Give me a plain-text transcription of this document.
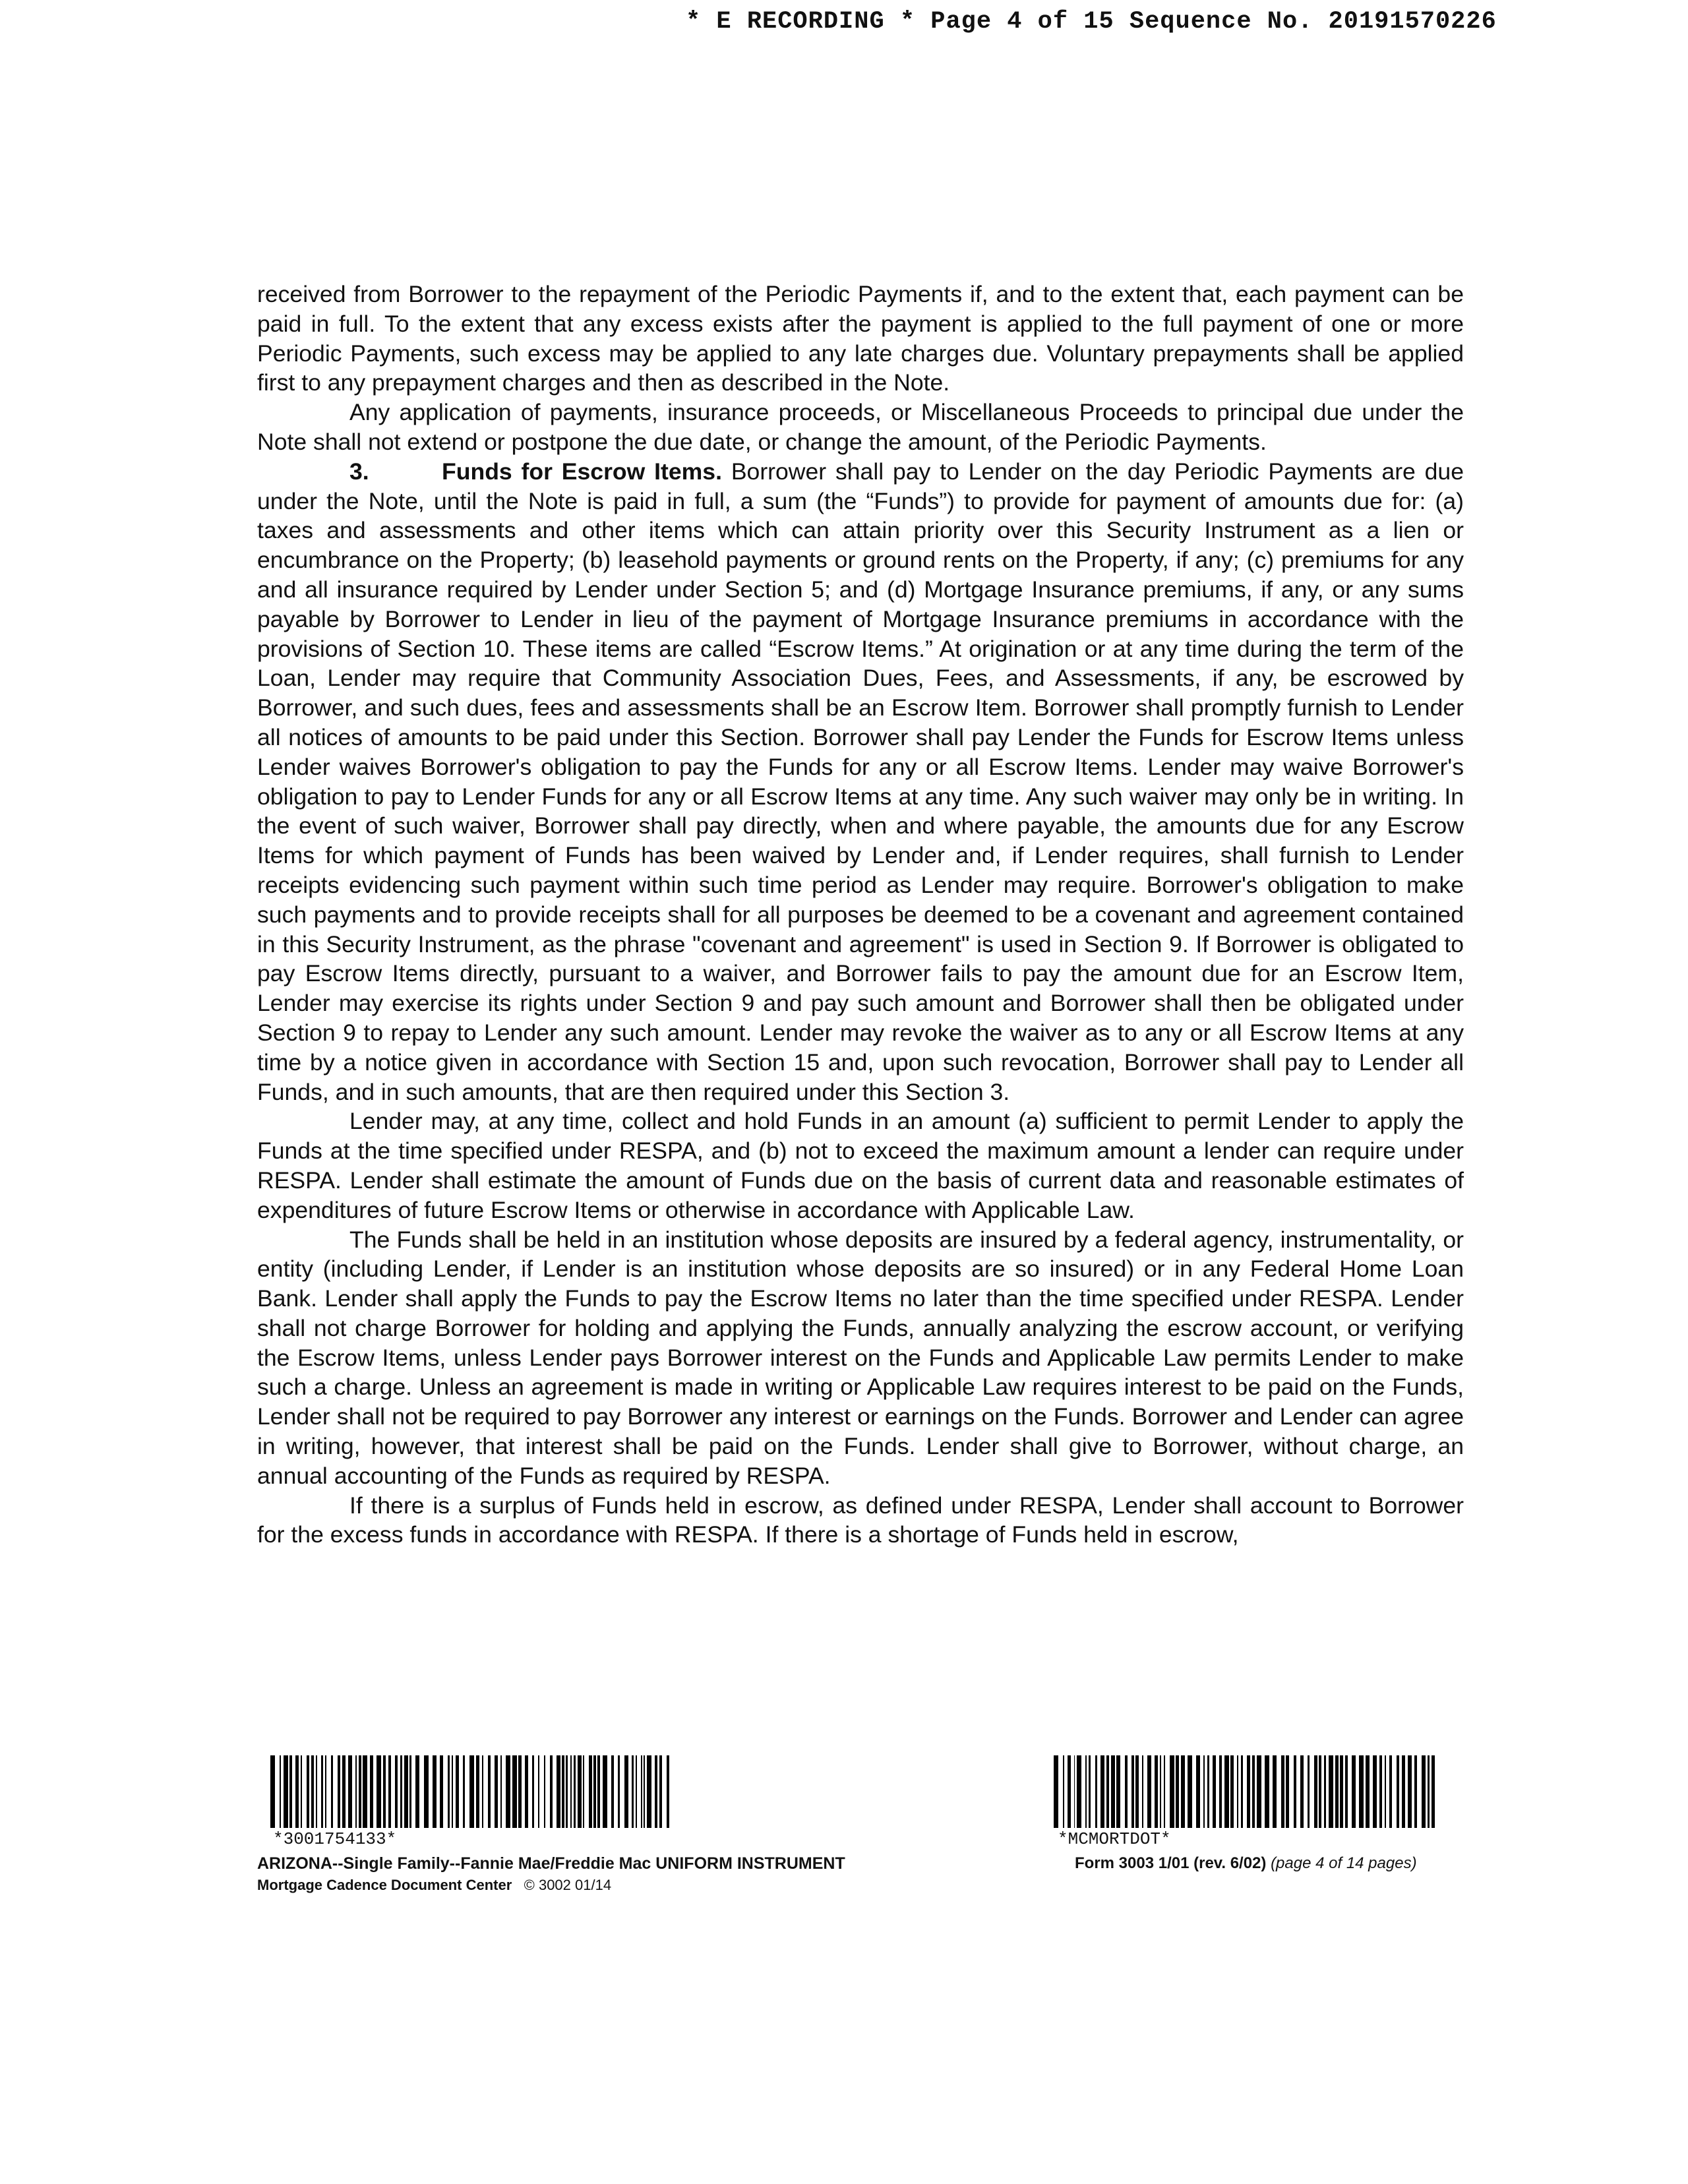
* E RECORDING * Page 4 of 15 Sequence No. 20191570226

received from Borrower to the repayment of the Periodic Payments if, and to the extent that, each payment can be paid in full. To the extent that any excess exists after the payment is applied to the full payment of one or more Periodic Payments, such excess may be applied to any late charges due. Voluntary prepayments shall be applied first to any prepayment charges and then as described in the Note.

Any application of payments, insurance proceeds, or Miscellaneous Proceeds to principal due under the Note shall not extend or postpone the due date, or change the amount, of the Periodic Payments.

3.	Funds for Escrow Items. Borrower shall pay to Lender on the day Periodic Payments are due under the Note, until the Note is paid in full, a sum (the “Funds”) to provide for payment of amounts due for: (a) taxes and assessments and other items which can attain priority over this Security Instrument as a lien or encumbrance on the Property; (b) leasehold payments or ground rents on the Property, if any; (c) premiums for any and all insurance required by Lender under Section 5; and (d) Mortgage Insurance premiums, if any, or any sums payable by Borrower to Lender in lieu of the payment of Mortgage Insurance premiums in accordance with the provisions of Section 10. These items are called “Escrow Items.” At origination or at any time during the term of the Loan, Lender may require that Community Association Dues, Fees, and Assessments, if any, be escrowed by Borrower, and such dues, fees and assessments shall be an Escrow Item. Borrower shall promptly furnish to Lender all notices of amounts to be paid under this Section. Borrower shall pay Lender the Funds for Escrow Items unless Lender waives Borrower's obligation to pay the Funds for any or all Escrow Items. Lender may waive Borrower's obligation to pay to Lender Funds for any or all Escrow Items at any time. Any such waiver may only be in writing. In the event of such waiver, Borrower shall pay directly, when and where payable, the amounts due for any Escrow Items for which payment of Funds has been waived by Lender and, if Lender requires, shall furnish to Lender receipts evidencing such payment within such time period as Lender may require. Borrower's obligation to make such payments and to provide receipts shall for all purposes be deemed to be a covenant and agreement contained in this Security Instrument, as the phrase "covenant and agreement" is used in Section 9. If Borrower is obligated to pay Escrow Items directly, pursuant to a waiver, and Borrower fails to pay the amount due for an Escrow Item, Lender may exercise its rights under Section 9 and pay such amount and Borrower shall then be obligated under Section 9 to repay to Lender any such amount. Lender may revoke the waiver as to any or all Escrow Items at any time by a notice given in accordance with Section 15 and, upon such revocation, Borrower shall pay to Lender all Funds, and in such amounts, that are then required under this Section 3.

Lender may, at any time, collect and hold Funds in an amount (a) sufficient to permit Lender to apply the Funds at the time specified under RESPA, and (b) not to exceed the maximum amount a lender can require under RESPA. Lender shall estimate the amount of Funds due on the basis of current data and reasonable estimates of expenditures of future Escrow Items or otherwise in accordance with Applicable Law.

The Funds shall be held in an institution whose deposits are insured by a federal agency, instrumentality, or entity (including Lender, if Lender is an institution whose deposits are so insured) or in any Federal Home Loan Bank. Lender shall apply the Funds to pay the Escrow Items no later than the time specified under RESPA. Lender shall not charge Borrower for holding and applying the Funds, annually analyzing the escrow account, or verifying the Escrow Items, unless Lender pays Borrower interest on the Funds and Applicable Law permits Lender to make such a charge. Unless an agreement is made in writing or Applicable Law requires interest to be paid on the Funds, Lender shall not be required to pay Borrower any interest or earnings on the Funds. Borrower and Lender can agree in writing, however, that interest shall be paid on the Funds. Lender shall give to Borrower, without charge, an annual accounting of the Funds as required by RESPA.

If there is a surplus of Funds held in escrow, as defined under RESPA, Lender shall account to Borrower for the excess funds in accordance with RESPA. If there is a shortage of Funds held in escrow,

*3001754133*	*MCMORTDOT*
ARIZONA--Single Family--Fannie Mae/Freddie Mac UNIFORM INSTRUMENT
Mortgage Cadence Document Center © 3002 01/14
Form 3003 1/01 (rev. 6/02) (page 4 of 14 pages)
